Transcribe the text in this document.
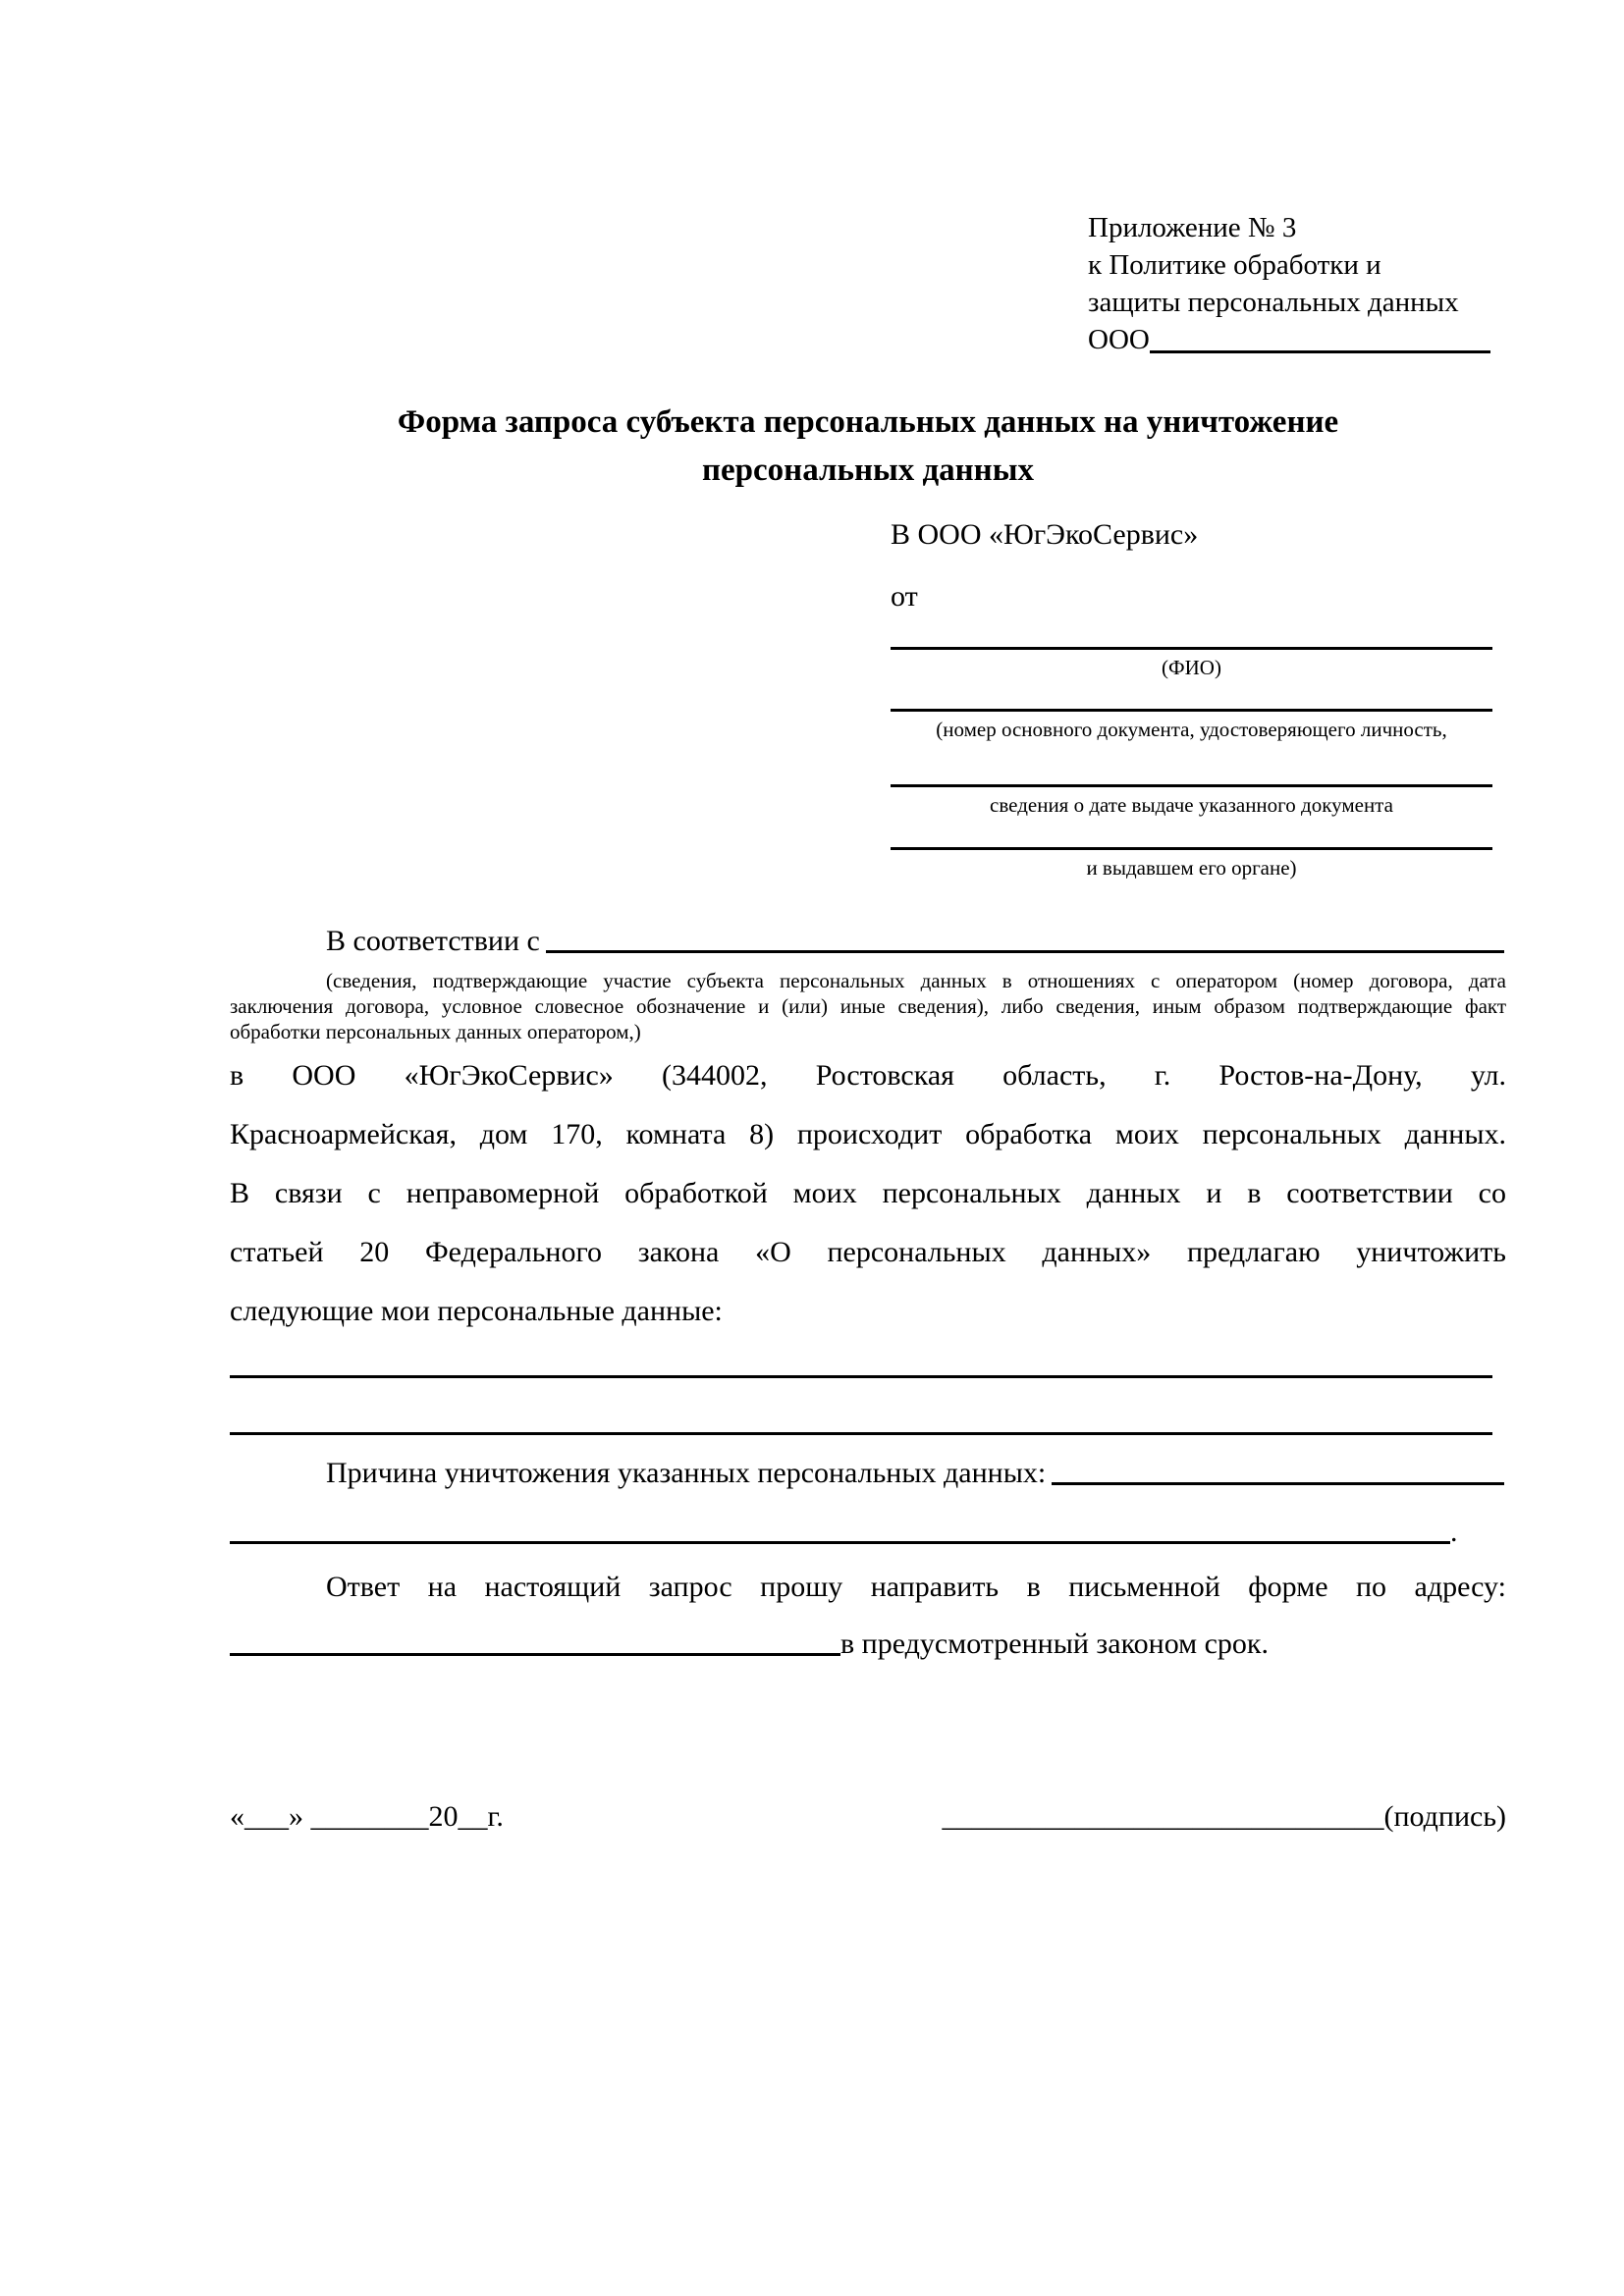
Приложение № 3
к Политике обработки и
защиты персональных данных
ООО
Форма запроса субъекта персональных данных на уничтожение
персональных данных
В ООО «ЮгЭкоСервис»
от
(ФИО)
(номер основного документа, удостоверяющего личность,
сведения о дате выдаче указанного документа
и выдавшем его органе)
В соответствии с
(сведения, подтверждающие участие субъекта персональных данных в отношениях с оператором (номер договора, дата
заключения договора, условное словесное обозначение и (или) иные сведения), либо сведения, иным образом подтверждающие факт
обработки персональных данных оператором,)
в ООО «ЮгЭкоСервис» (344002, Ростовская область, г. Ростов-на-Дону, ул.
Красноармейская, дом 170, комната 8) происходит обработка моих персональных данных.
В связи с неправомерной обработкой моих персональных данных и в соответствии со
статьей 20 Федерального закона «О персональных данных» предлагаю уничтожить
следующие мои персональные данные:
Причина уничтожения указанных персональных данных:
.
Ответ на настоящий запрос прошу направить в письменной форме по адресу:
в предусмотренный законом срок.
«___» ________20__г.	______________________________(подпись)
